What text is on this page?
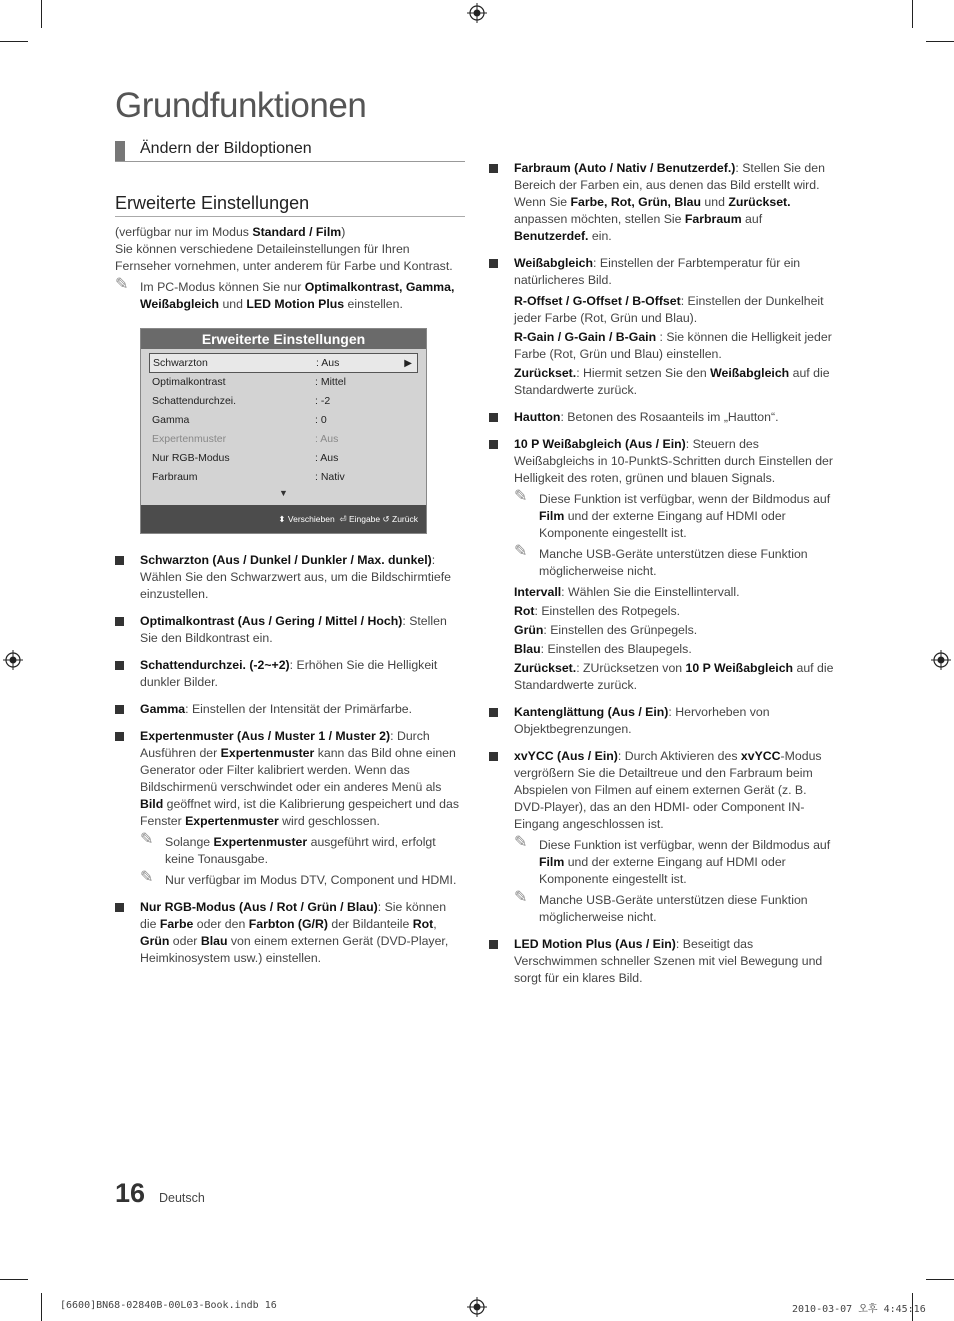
Grundfunktionen
Ändern der Bildoptionen
Erweiterte Einstellungen

(verfügbar nur im Modus Standard / Film)

Sie können verschiedene Detaileinstellungen für Ihren Fernseher vornehmen, unter anderem für Farbe und Kontrast.

✎ Im PC-Modus können Sie nur Optimalkontrast, Gamma, Weißabgleich und LED Motion Plus einstellen.
Erweiterte Einstellungen
Schwarzton	: Aus	▶
Optimalkontrast	: Mittel
Schattendurchzei.	: -2
Gamma	: 0
Expertenmuster	: Aus
Nur RGB-Modus	: Aus
Farbraum	: Nativ
▼
⬍ Verschieben ⏎ Eingabe ↺ Zurück
Schwarzton (Aus / Dunkel / Dunkler / Max. dunkel): Wählen Sie den Schwarzwert aus, um die Bildschirmtiefe einzustellen.
Optimalkontrast (Aus / Gering / Mittel / Hoch): Stellen Sie den Bildkontrast ein.
Schattendurchzei. (-2~+2): Erhöhen Sie die Helligkeit dunkler Bilder.
Gamma: Einstellen der Intensität der Primärfarbe.
Expertenmuster (Aus / Muster 1 / Muster 2): Durch Ausführen der Expertenmuster kann das Bild ohne einen Generator oder Filter kalibriert werden. Wenn das Bildschirmenü verschwindet oder ein anderes Menü als Bild geöffnet wird, ist die Kalibrierung gespeichert und das Fenster Expertenmuster wird geschlossen.
✎ Solange Expertenmuster ausgeführt wird, erfolgt keine Tonausgabe.
✎ Nur verfügbar im Modus DTV, Component und HDMI.
Nur RGB-Modus (Aus / Rot / Grün / Blau): Sie können die Farbe oder den Farbton (G/R) der Bildanteile Rot, Grün oder Blau von einem externen Gerät (DVD-Player, Heimkinosystem usw.) einstellen.
Farbraum (Auto / Nativ / Benutzerdef.): Stellen Sie den Bereich der Farben ein, aus denen das Bild erstellt wird. Wenn Sie Farbe, Rot, Grün, Blau und Zurückset. anpassen möchten, stellen Sie Farbraum auf Benutzerdef. ein.
Weißabgleich: Einstellen der Farbtemperatur für ein natürlicheres Bild.

R-Offset / G-Offset / B-Offset: Einstellen der Dunkelheit jeder Farbe (Rot, Grün und Blau).

R-Gain / G-Gain / B-Gain : Sie können die Helligkeit jeder Farbe (Rot, Grün und Blau) einstellen.

Zurückset.: Hiermit setzen Sie den Weißabgleich auf die Standardwerte zurück.

Hautton: Betonen des Rosaanteils im „Hautton“.
10 P Weißabgleich (Aus / Ein): Steuern des Weißabgleichs in 10-PunktS-Schritten durch Einstellen der Helligkeit des roten, grünen und blauen Signals.
✎ Diese Funktion ist verfügbar, wenn der Bildmodus auf Film und der externe Eingang auf HDMI oder Komponente eingestellt ist.
✎ Manche USB-Geräte unterstützen diese Funktion möglicherweise nicht.

Intervall: Wählen Sie die Einstellintervall.

Rot: Einstellen des Rotpegels.

Grün: Einstellen des Grünpegels.

Blau: Einstellen des Blaupegels.

Zurückset.: ZUrücksetzen von 10 P Weißabgleich auf die Standardwerte zurück.

Kantenglättung (Aus / Ein): Hervorheben von Objektbegrenzungen.
xvYCC (Aus / Ein): Durch Aktivieren des xvYCC-Modus vergrößern Sie die Detailtreue und den Farbraum beim Abspielen von Filmen auf einem externen Gerät (z. B. DVD-Player), das an den HDMI- oder Component IN-Eingang angeschlossen ist.
✎ Diese Funktion ist verfügbar, wenn der Bildmodus auf Film und der externe Eingang auf HDMI oder Komponente eingestellt ist.
✎ Manche USB-Geräte unterstützen diese Funktion möglicherweise nicht.
LED Motion Plus (Aus / Ein): Beseitigt das Verschwimmen schneller Szenen mit viel Bewegung und sorgt für ein klares Bild.
16 Deutsch
[6600]BN68-02840B-00L03-Book.indb 16	2010-03-07 오후 4:45:16
